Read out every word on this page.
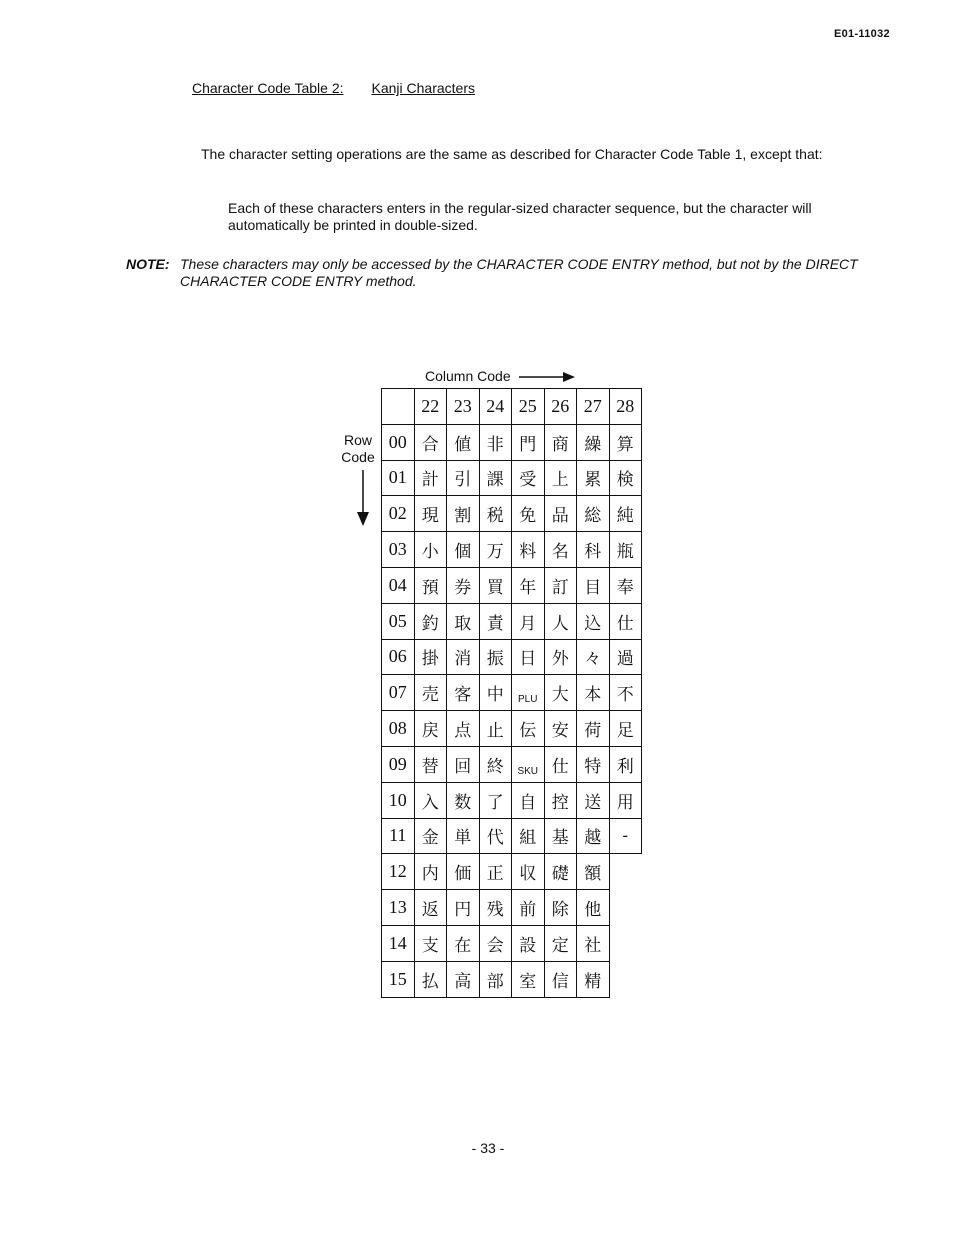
E01-11032
Character Code Table 2: Kanji Characters
The character setting operations are the same as described for Character Code Table 1, except that:
Each of these characters enters in the regular-sized character sequence, but the character will automatically be printed in double-sized.
NOTE: These characters may only be accessed by the CHARACTER CODE ENTRY method, but not by the DIRECT CHARACTER CODE ENTRY method.
Column Code
Row
Code
	22	23	24	25	26	27	28
00	合	値	非	門	商	繰	算
01	計	引	課	受	上	累	検
02	現	割	税	免	品	総	純
03	小	個	万	料	名	科	瓶
04	預	券	買	年	訂	目	奉
05	釣	取	責	月	人	込	仕
06	掛	消	振	日	外	々	過
07	売	客	中	PLU	大	本	不
08	戻	点	止	伝	安	荷	足
09	替	回	終	SKU	仕	特	利
10	入	数	了	自	控	送	用
11	金	単	代	組	基	越	-
12	内	価	正	収	礎	額	
13	返	円	残	前	除	他	
14	支	在	会	設	定	社	
15	払	高	部	室	信	精	
- 33 -
